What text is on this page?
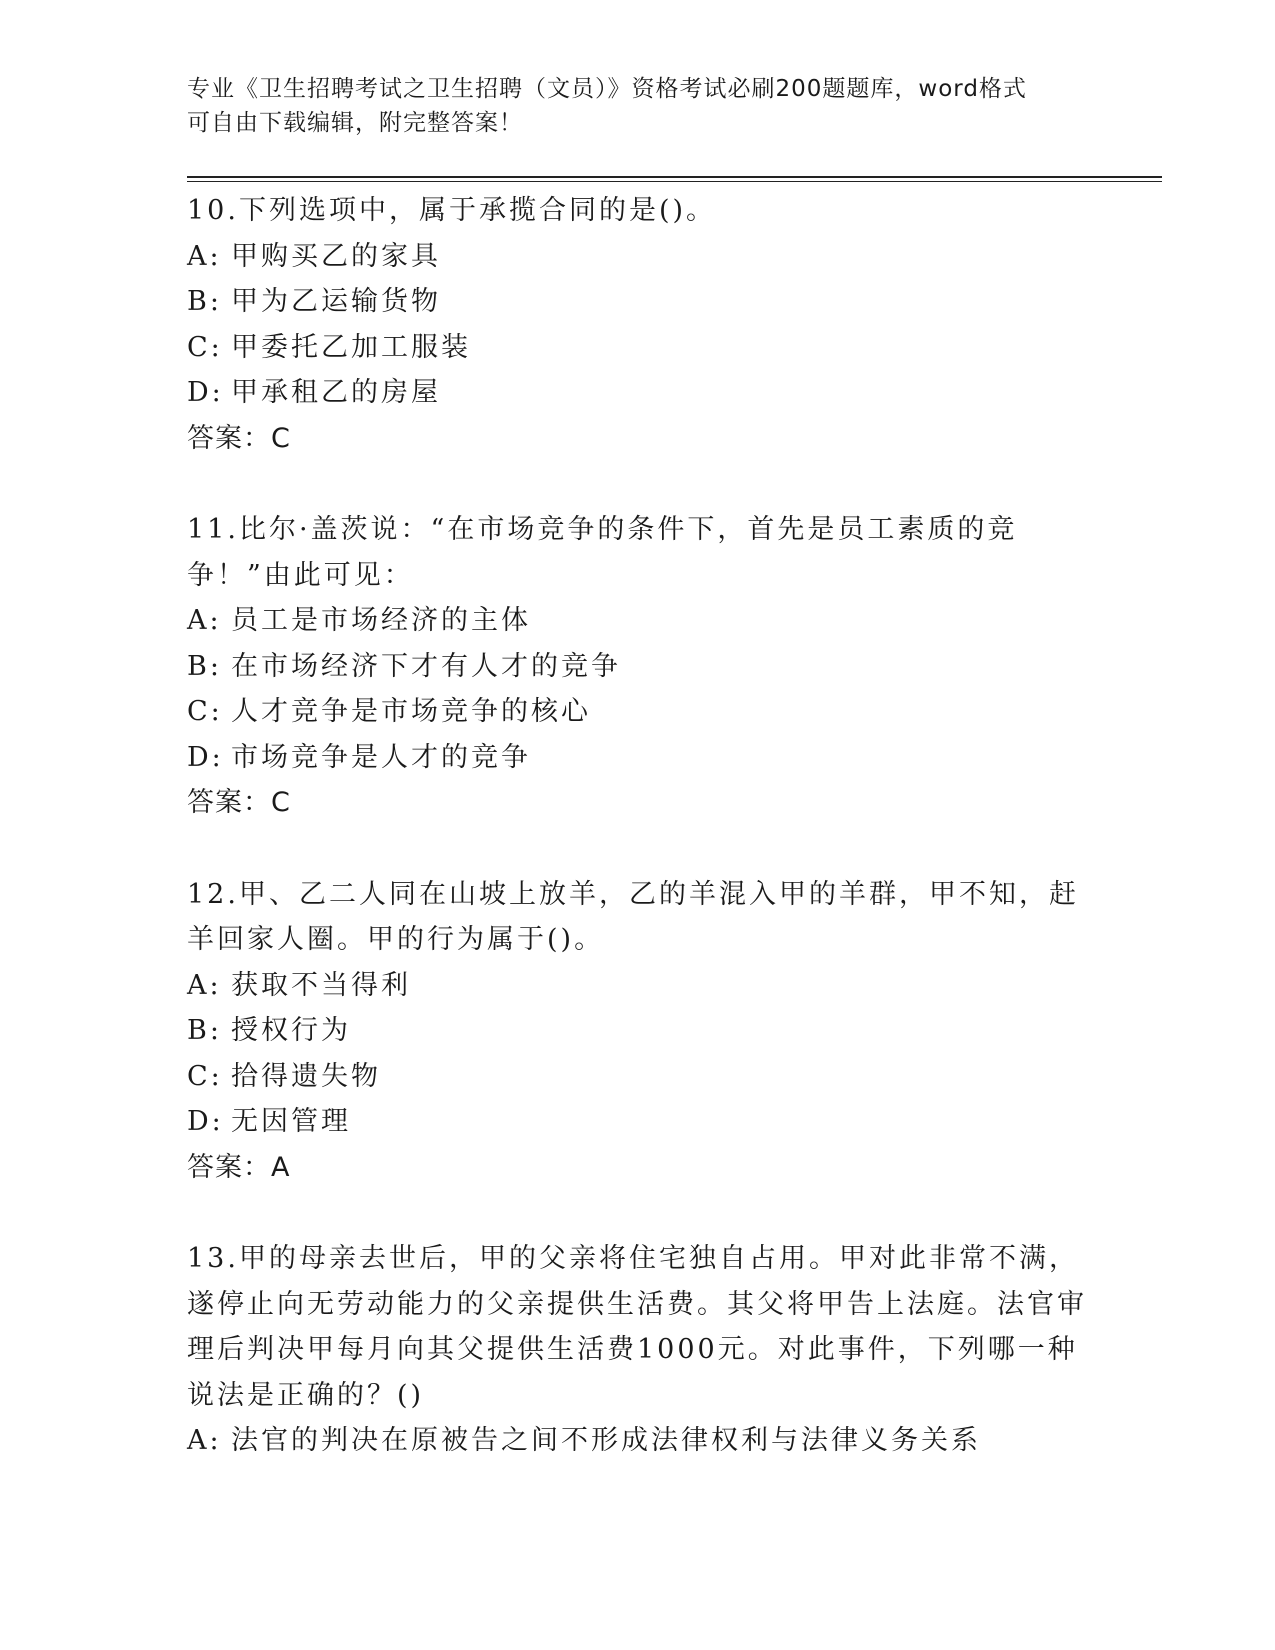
专业《卫生招聘考试之卫生招聘（文员）》资格考试必刷200题题库，word格式
可自由下载编辑，附完整答案！
10.下列选项中，属于承揽合同的是()。
A: 甲购买乙的家具
B: 甲为乙运输货物
C: 甲委托乙加工服装
D: 甲承租乙的房屋
答案：C
11.比尔·盖茨说：“在市场竞争的条件下，首先是员工素质的竞争！”由此可见：
A: 员工是市场经济的主体
B: 在市场经济下才有人才的竞争
C: 人才竞争是市场竞争的核心
D: 市场竞争是人才的竞争
答案：C
12.甲、乙二人同在山坡上放羊，乙的羊混入甲的羊群，甲不知，赶羊回家人圈。甲的行为属于()。
A: 获取不当得利
B: 授权行为
C: 拾得遗失物
D: 无因管理
答案：A
13.甲的母亲去世后，甲的父亲将住宅独自占用。甲对此非常不满，遂停止向无劳动能力的父亲提供生活费。其父将甲告上法庭。法官审理后判决甲每月向其父提供生活费1000元。对此事件，下列哪一种说法是正确的？()
A: 法官的判决在原被告之间不形成法律权利与法律义务关系
